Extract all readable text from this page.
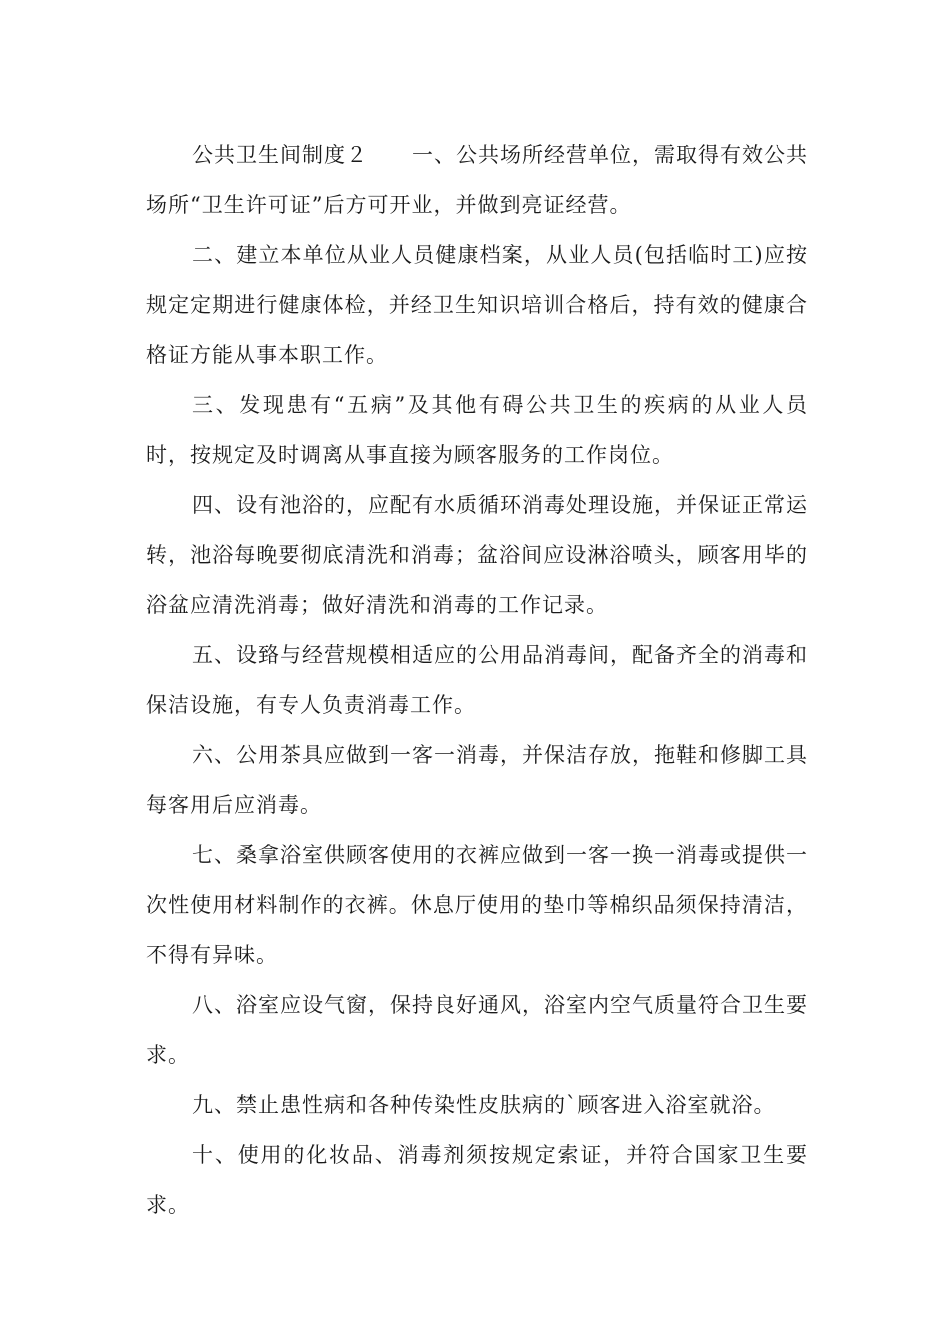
公共卫生间制度２ 一、公共场所经营单位，需取得有效公共场所“卫生许可证”后方可开业，并做到亮证经营。

二、建立本单位从业人员健康档案，从业人员(包括临时工)应按规定定期进行健康体检，并经卫生知识培训合格后，持有效的健康合格证方能从事本职工作。

三、发现患有“五病”及其他有碍公共卫生的疾病的从业人员时，按规定及时调离从事直接为顾客服务的工作岗位。

四、设有池浴的，应配有水质循环消毒处理设施，并保证正常运转，池浴每晚要彻底清洗和消毒；盆浴间应设淋浴喷头，顾客用毕的浴盆应清洗消毒；做好清洗和消毒的工作记录。

五、设臵与经营规模相适应的公用品消毒间，配备齐全的消毒和保洁设施，有专人负责消毒工作。

六、公用茶具应做到一客一消毒，并保洁存放，拖鞋和修脚工具每客用后应消毒。

七、桑拿浴室供顾客使用的衣裤应做到一客一换一消毒或提供一次性使用材料制作的衣裤。休息厅使用的垫巾等棉织品须保持清洁，不得有异味。

八、浴室应设气窗，保持良好通风，浴室内空气质量符合卫生要求。

九、禁止患性病和各种传染性皮肤病的`顾客进入浴室就浴。

十、使用的化妆品、消毒剂须按规定索证，并符合国家卫生要求。
